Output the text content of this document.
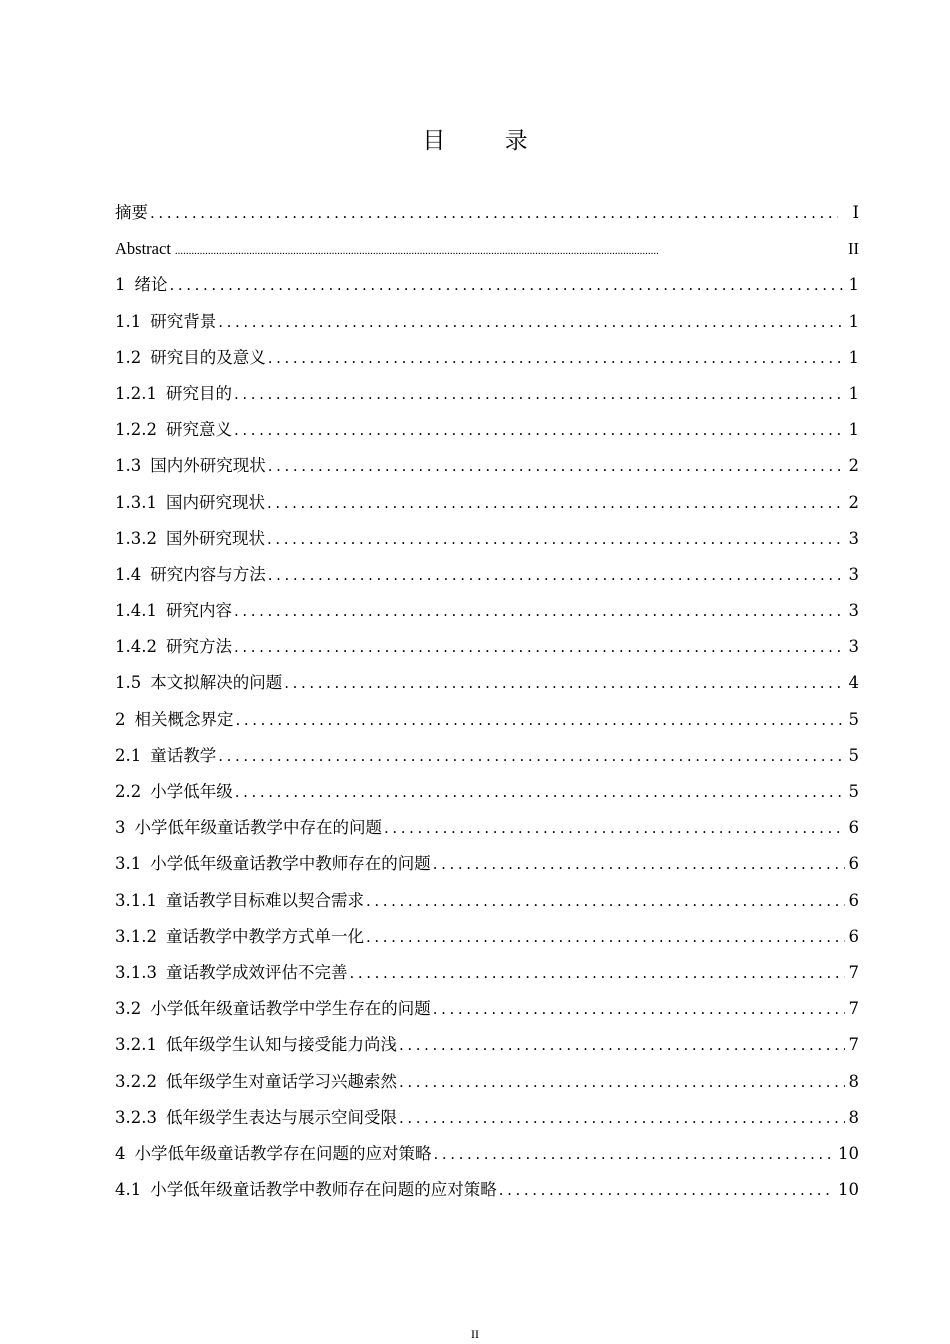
目 录
摘要 .....	I
Abstract .....	II
1 绪论 .....	1
1.1 研究背景 .....	1
1.2 研究目的及意义 .....	1
1.2.1 研究目的 .....	1
1.2.2 研究意义 .....	1
1.3 国内外研究现状 .....	2
1.3.1 国内研究现状 .....	2
1.3.2 国外研究现状 .....	3
1.4 研究内容与方法 .....	3
1.4.1 研究内容 .....	3
1.4.2 研究方法 .....	3
1.5 本文拟解决的问题 .....	4
2 相关概念界定 .....	5
2.1 童话教学 .....	5
2.2 小学低年级 .....	5
3 小学低年级童话教学中存在的问题 .....	6
3.1 小学低年级童话教学中教师存在的问题 .....	6
3.1.1 童话教学目标难以契合需求 .....	6
3.1.2 童话教学中教学方式单一化 .....	6
3.1.3 童话教学成效评估不完善 .....	7
3.2 小学低年级童话教学中学生存在的问题 .....	7
3.2.1 低年级学生认知与接受能力尚浅 .....	7
3.2.2 低年级学生对童话学习兴趣索然 .....	8
3.2.3 低年级学生表达与展示空间受限 .....	8
4 小学低年级童话教学存在问题的应对策略 .....	10
4.1 小学低年级童话教学中教师存在问题的应对策略 .....	10
II
